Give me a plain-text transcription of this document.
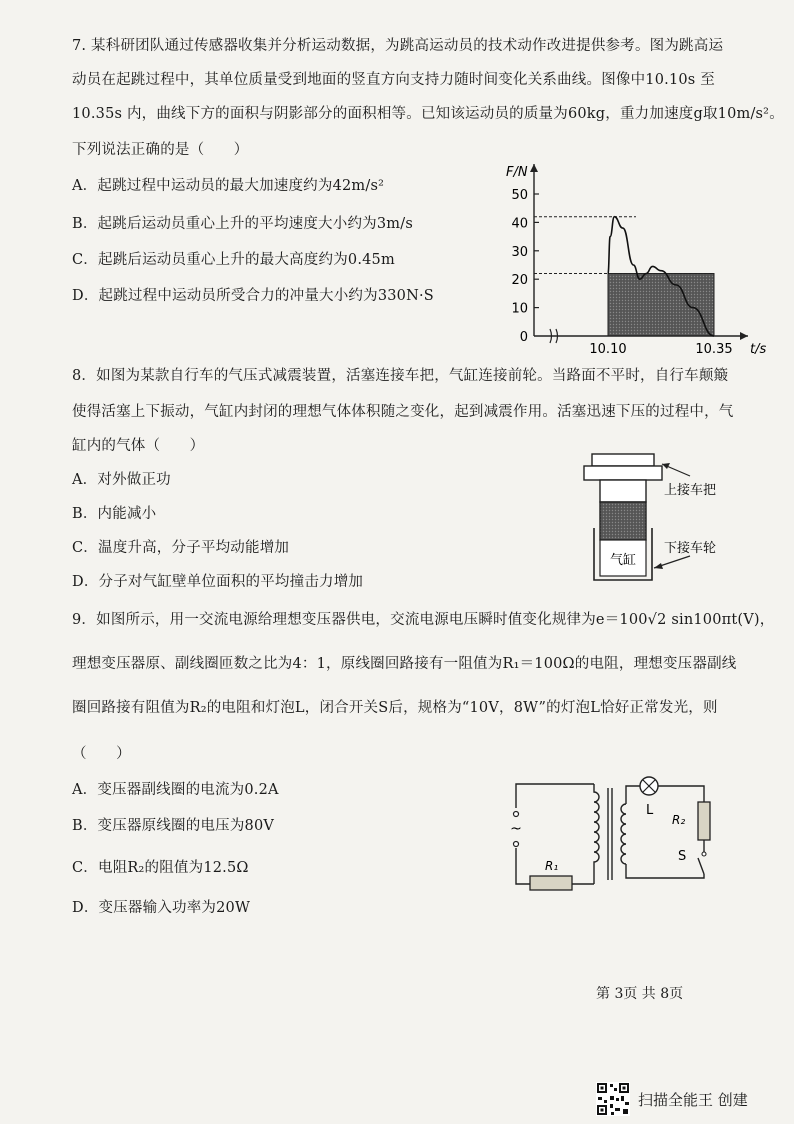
7. 某科研团队通过传感器收集并分析运动数据，为跳高运动员的技术动作改进提供参考。图为跳高运
动员在起跳过程中，其单位质量受到地面的竖直方向支持力随时间变化关系曲线。图像中10.10s 至
10.35s 内，曲线下方的面积与阴影部分的面积相等。已知该运动员的质量为60kg，重力加速度g取10m/s²。
下列说法正确的是（　　）
A．起跳过程中运动员的最大加速度约为42m/s²
B．起跳后运动员重心上升的平均速度大小约为3m/s
C．起跳后运动员重心上升的最大高度约为0.45m
D．起跳过程中运动员所受合力的冲量大小约为330N·S
0
10
20
30
40
50
F/N
10.10	10.35 t/s
8．如图为某款自行车的气压式减震装置，活塞连接车把，气缸连接前轮。当路面不平时，自行车颠簸
使得活塞上下振动，气缸内封闭的理想气体体积随之变化，起到减震作用。活塞迅速下压的过程中，气
缸内的气体（　　）
A．对外做正功
B．内能减小
C．温度升高，分子平均动能增加
D．分子对气缸壁单位面积的平均撞击力增加
气缸
上接车把
下接车轮
9．如图所示，用一交流电源给理想变压器供电，交流电源电压瞬时值变化规律为e＝100√2 sin100πt(V)，
理想变压器原、副线圈匝数之比为4：1，原线圈回路接有一阻值为R₁＝100Ω的电阻，理想变压器副线
圈回路接有阻值为R₂的电阻和灯泡L，闭合开关S后，规格为“10V，8W”的灯泡L恰好正常发光，则
（　　）
A．变压器副线圈的电流为0.2A
B．变压器原线圈的电压为80V
C．电阻R₂的阻值为12.5Ω
D．变压器输入功率为20W
~
R₁
L
R₂
S
第 3页 共 8页
扫描全能王 创建
